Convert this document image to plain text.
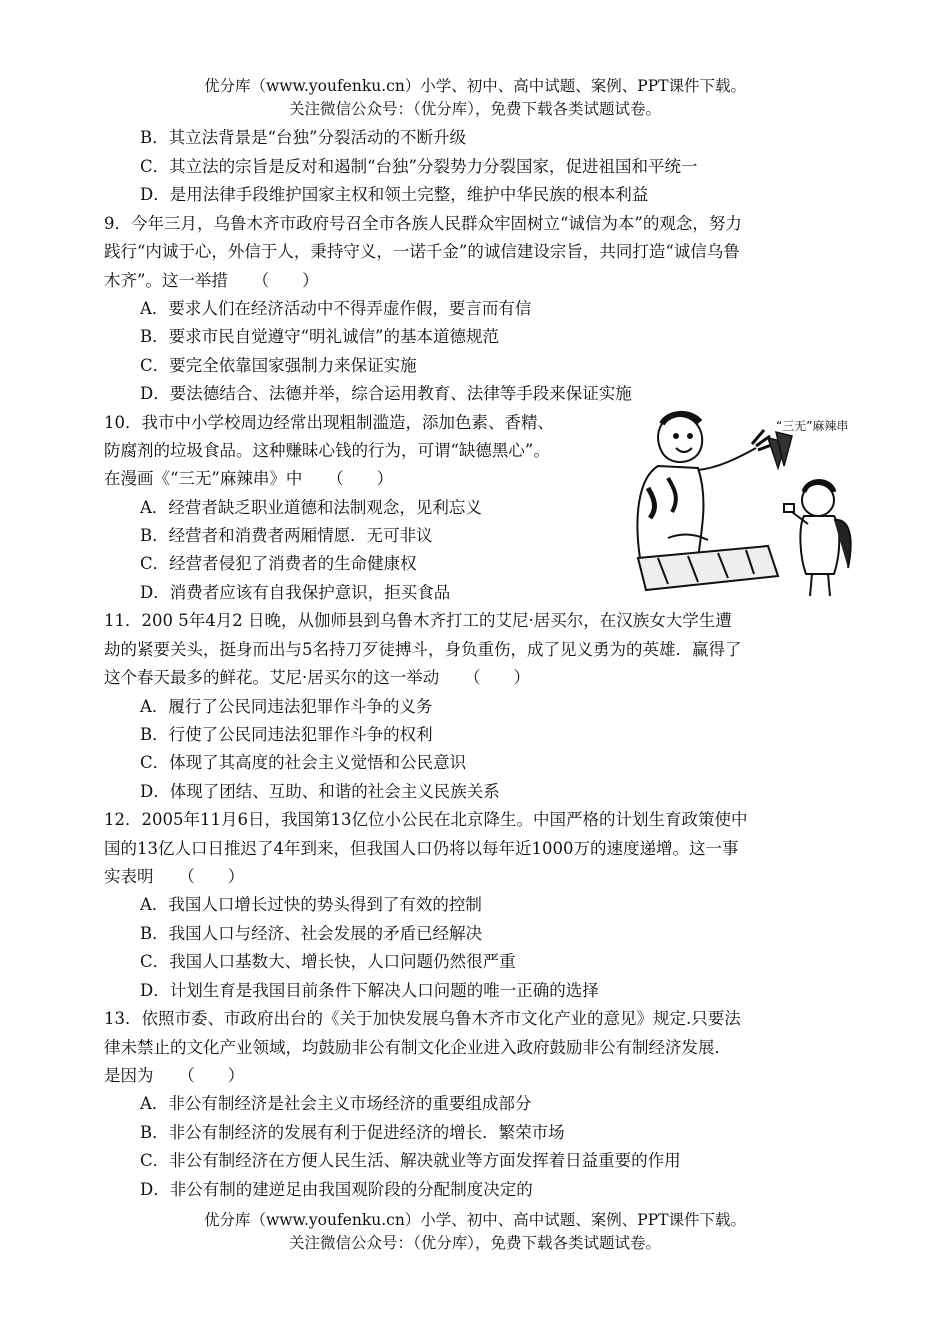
优分库（www.youfenku.cn）小学、初中、高中试题、案例、PPT课件下载。
关注微信公众号：（优分库），免费下载各类试题试卷。
B．其立法背景是“台独”分裂活动的不断升级
C．其立法的宗旨是反对和遏制“台独”分裂势力分裂国家，促进祖国和平统一
D．是用法律手段维护国家主权和领土完整，维护中华民族的根本利益
9．今年三月，乌鲁木齐市政府号召全市各族人民群众牢固树立“诚信为本”的观念，努力
践行“内诚于心，外信于人，秉持守义，一诺千金”的诚信建设宗旨，共同打造“诚信乌鲁
木齐”。这一举措　　（　　）
A．要求人们在经济活动中不得弄虚作假，要言而有信
B．要求市民自觉遵守“明礼诚信”的基本道德规范
C．要完全依靠国家强制力来保证实施
D．要法德结合、法德并举，综合运用教育、法律等手段来保证实施
10．我市中小学校周边经常出现粗制滥造，添加色素、香精、
防腐剂的垃圾食品。这种赚昧心钱的行为，可谓“缺德黑心”。
在漫画《“三无”麻辣串》中　　（　　）
A．经营者缺乏职业道德和法制观念，见利忘义
B．经营者和消费者两厢情愿．无可非议
C．经营者侵犯了消费者的生命健康权
D．消费者应该有自我保护意识，拒买食品
“三无”麻辣串
11．200 5年4月2 日晚，从伽师县到乌鲁木齐打工的艾尼·居买尔，在汉族女大学生遭
劫的紧要关头，挺身而出与5名持刀歹徒搏斗，身负重伤，成了见义勇为的英雄．赢得了
这个春天最多的鲜花。艾尼·居买尔的这一举动　　（　　）
A．履行了公民同违法犯罪作斗争的义务
B．行使了公民同违法犯罪作斗争的权利
C．体现了其高度的社会主义觉悟和公民意识
D．体现了团结、互助、和谐的社会主义民族关系
12．2005年11月6日，我国第13亿位小公民在北京降生。中国严格的计划生育政策使中
国的13亿人口日推迟了4年到来，但我国人口仍将以每年近1000万的速度递增。这一事
实表明　　（　　）
A．我国人口增长过快的势头得到了有效的控制
B．我国人口与经济、社会发展的矛盾已经解决
C．我国人口基数大、增长快，人口问题仍然很严重
D．计划生育是我国目前条件下解决人口问题的唯一正确的选择
13．依照市委、市政府出台的《关于加快发展乌鲁木齐市文化产业的意见》规定.只要法
律未禁止的文化产业领域，均鼓励非公有制文化企业进入政府鼓励非公有制经济发展．
是因为　　（　　）
A．非公有制经济是社会主义市场经济的重要组成部分
B．非公有制经济的发展有利于促进经济的增长．繁荣市场
C．非公有制经济在方便人民生活、解决就业等方面发挥着日益重要的作用
D．非公有制的建逆足由我国观阶段的分配制度决定的
优分库（www.youfenku.cn）小学、初中、高中试题、案例、PPT课件下载。
关注微信公众号：（优分库），免费下载各类试题试卷。
